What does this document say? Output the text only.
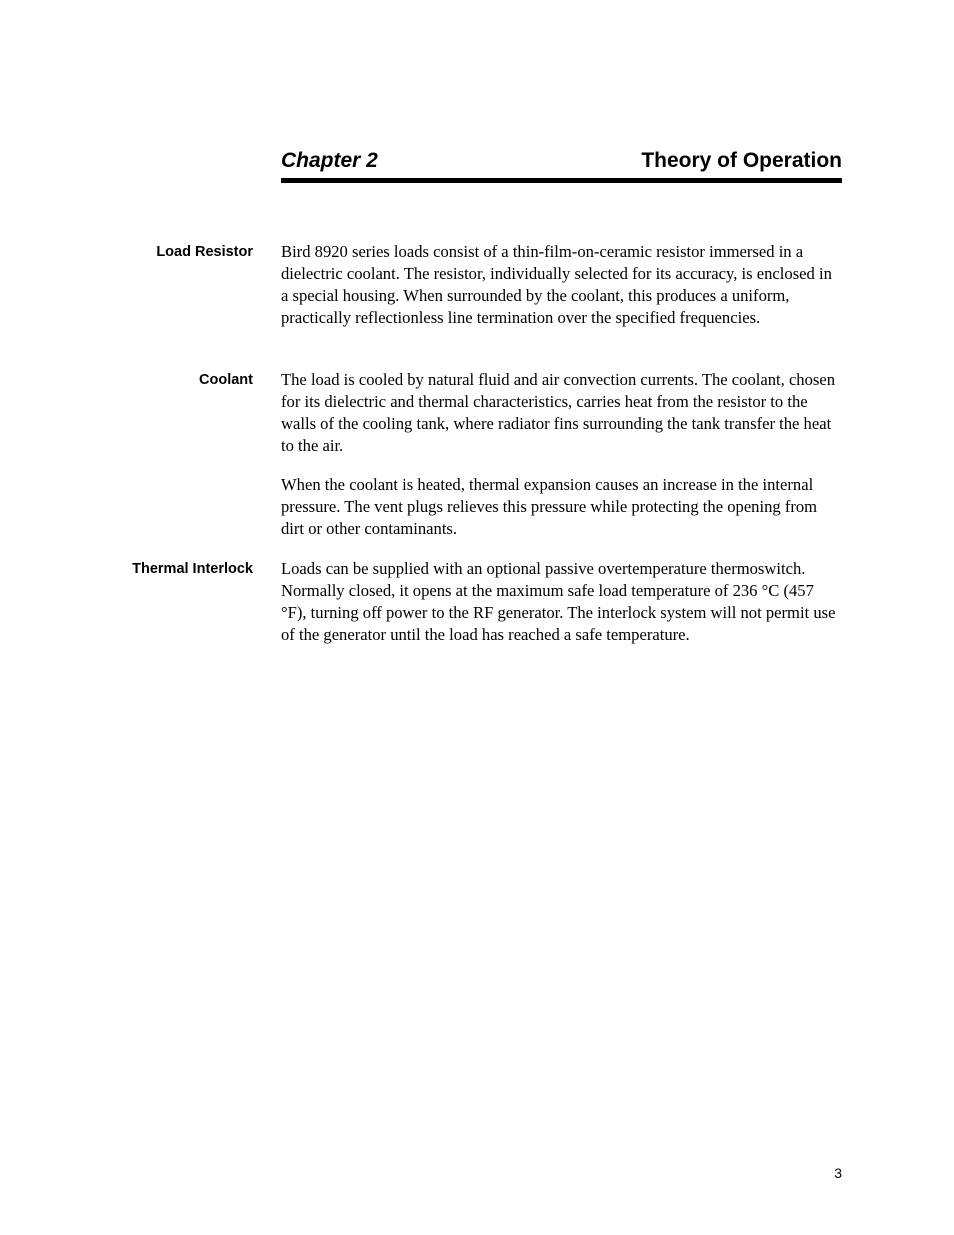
Chapter 2	Theory of Operation
Load Resistor Bird 8920 series loads consist of a thin-film-on-ceramic resistor immersed in a dielectric coolant. The resistor, individually selected for its accuracy, is enclosed in a special housing. When surrounded by the coolant, this produces a uniform, practically reflectionless line termination over the specified frequencies.

Coolant The load is cooled by natural fluid and air convection currents. The coolant, chosen for its dielectric and thermal characteristics, carries heat from the resistor to the walls of the cooling tank, where radiator fins surrounding the tank transfer the heat to the air.

When the coolant is heated, thermal expansion causes an increase in the internal pressure. The vent plugs relieves this pressure while protecting the opening from dirt or other contaminants.

Thermal Interlock Loads can be supplied with an optional passive overtemperature thermoswitch. Normally closed, it opens at the maximum safe load temperature of 236 °C (457 °F), turning off power to the RF generator. The interlock system will not permit use of the generator until the load has reached a safe temperature.

3
